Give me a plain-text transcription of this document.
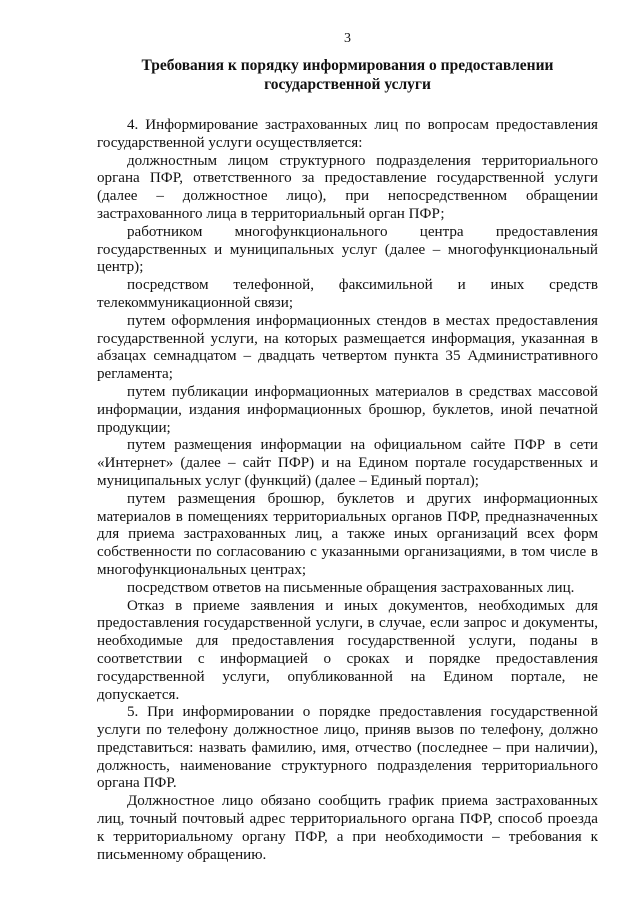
3
Требования к порядку информирования о предоставлении
государственной услуги

4. Информирование застрахованных лиц по вопросам предоставления государственной услуги осуществляется:

должностным лицом структурного подразделения территориального органа ПФР, ответственного за предоставление государственной услуги (далее – должностное лицо), при непосредственном обращении застрахованного лица в территориальный орган ПФР;

работником многофункционального центра предоставления государственных и муниципальных услуг (далее – многофункциональный центр);

посредством телефонной, факсимильной и иных средств телекоммуникационной связи;

путем оформления информационных стендов в местах предоставления государственной услуги, на которых размещается информация, указанная в абзацах семнадцатом – двадцать четвертом пункта 35 Административного регламента;

путем публикации информационных материалов в средствах массовой информации, издания информационных брошюр, буклетов, иной печатной продукции;

путем размещения информации на официальном сайте ПФР в сети «Интернет» (далее – сайт ПФР) и на Едином портале государственных и муниципальных услуг (функций) (далее – Единый портал);

путем размещения брошюр, буклетов и других информационных материалов в помещениях территориальных органов ПФР, предназначенных для приема застрахованных лиц, а также иных организаций всех форм собственности по согласованию с указанными организациями, в том числе в многофункциональных центрах;

посредством ответов на письменные обращения застрахованных лиц.

Отказ в приеме заявления и иных документов, необходимых для предоставления государственной услуги, в случае, если запрос и документы, необходимые для предоставления государственной услуги, поданы в соответствии с информацией о сроках и порядке предоставления государственной услуги, опубликованной на Едином портале, не допускается.

5. При информировании о порядке предоставления государственной услуги по телефону должностное лицо, приняв вызов по телефону, должно представиться: назвать фамилию, имя, отчество (последнее – при наличии), должность, наименование структурного подразделения территориального органа ПФР.

Должностное лицо обязано сообщить график приема застрахованных лиц, точный почтовый адрес территориального органа ПФР, способ проезда к территориальному органу ПФР, а при необходимости – требования к письменному обращению.
